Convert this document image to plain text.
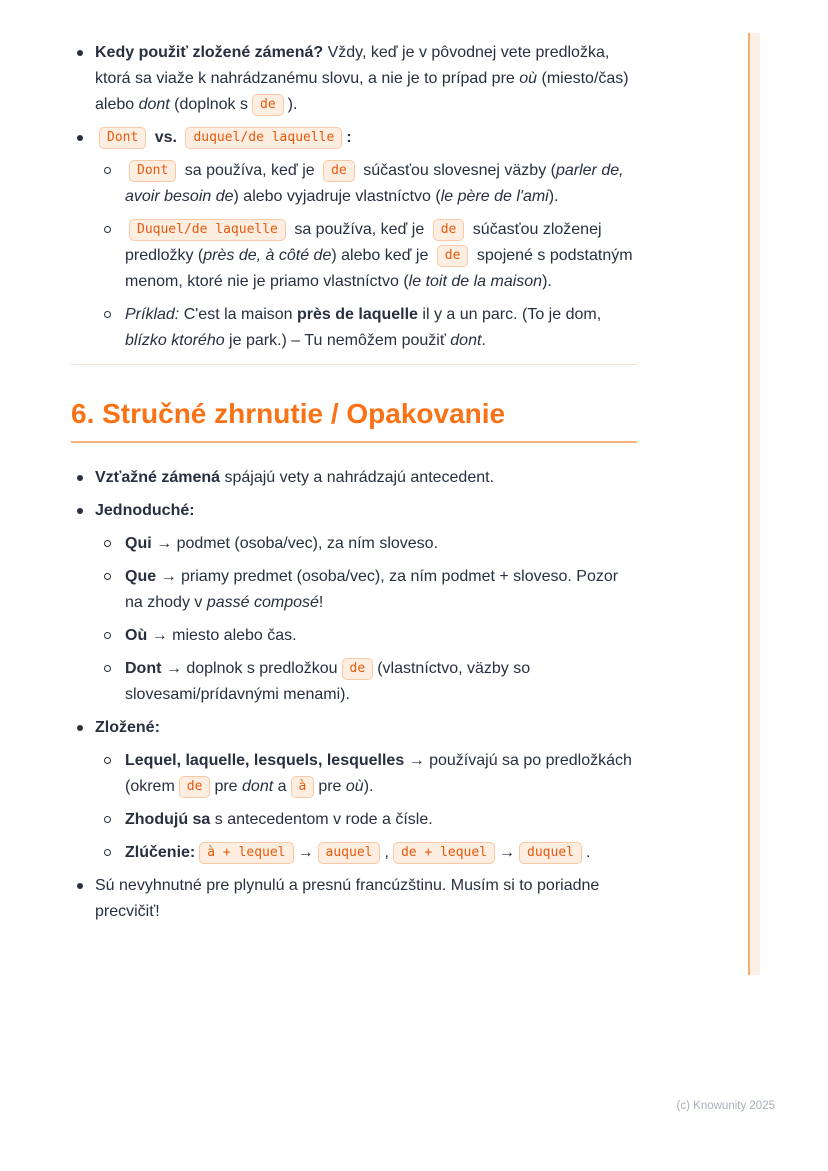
Kedy použiť zložené zámená? Vždy, keď je v pôvodnej vete predložka, ktorá sa viaže k nahrádzanému slovu, a nie je to prípad pre où (miesto/čas) alebo dont (doplnok s de ).
Dont vs. duquel/de laquelle :
Dont sa používa, keď je de súčasťou slovesnej väzby (parler de, avoir besoin de) alebo vyjadruje vlastníctvo (le père de l'ami).
Duquel/de laquelle sa používa, keď je de súčasťou zloženej predložky (près de, à côté de) alebo keď je de spojené s podstatným menom, ktoré nie je priamo vlastníctvo (le toit de la maison).
Príklad: C'est la maison près de laquelle il y a un parc. (To je dom, blízko ktorého je park.) – Tu nemôžem použiť dont.
6. Stručné zhrnutie / Opakovanie
Vzťažné zámená spájajú vety a nahrádzajú antecedent.
Jednoduché:
Qui → podmet (osoba/vec), za ním sloveso.
Que → priamy predmet (osoba/vec), za ním podmet + sloveso. Pozor na zhody v passé composé!
Où → miesto alebo čas.
Dont → doplnok s predložkou de (vlastníctvo, väzby so slovesami/prídavnými menami).
Zložené:
Lequel, laquelle, lesquels, lesquelles → používajú sa po predložkách (okrem de pre dont a à pre où).
Zhodujú sa s antecedentom v rode a čísle.
Zlúčenie: à + lequel → auquel , de + lequel → duquel .
Sú nevyhnutné pre plynulú a presnú francúzštinu. Musím si to poriadne precvičiť!
(c) Knowunity 2025
